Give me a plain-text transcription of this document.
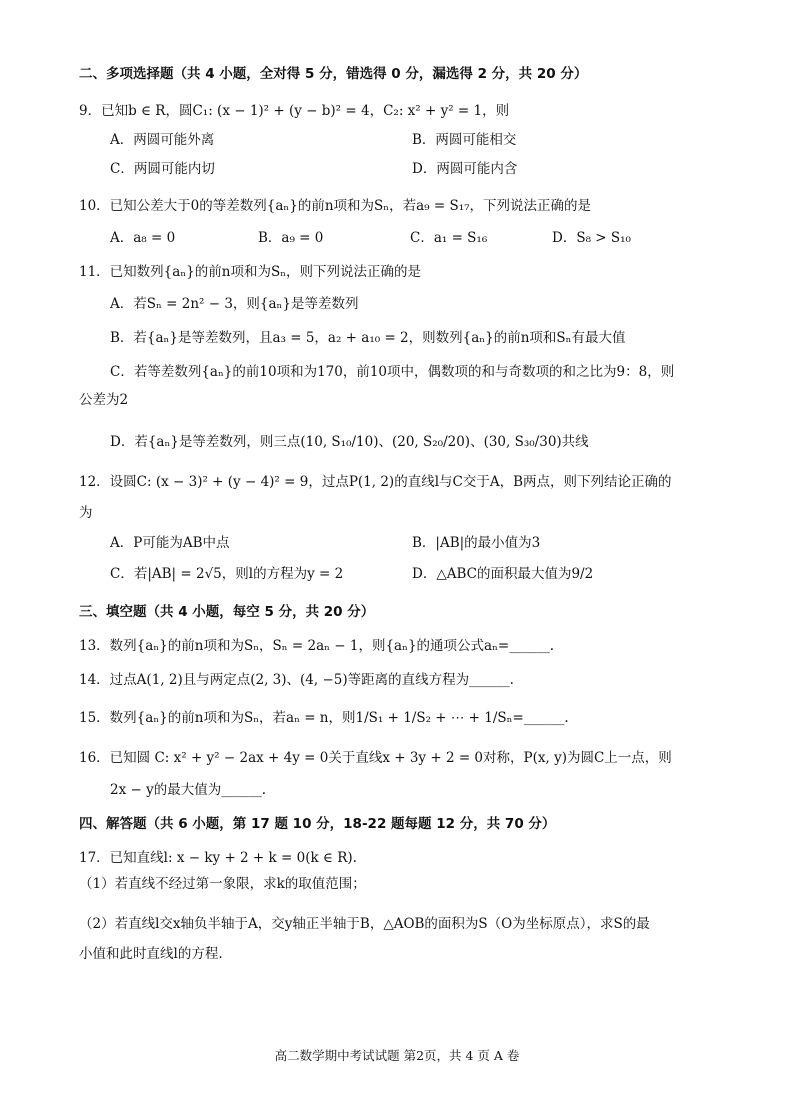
二、多项选择题（共 4 小题，全对得 5 分，错选得 0 分，漏选得 2 分，共 20 分）
9．已知b ∈ R，圆C₁: (x − 1)² + (y − b)² = 4，C₂: x² + y² = 1，则
A．两圆可能外离	B．两圆可能相交
C．两圆可能内切	D．两圆可能内含
10．已知公差大于0的等差数列{aₙ}的前n项和为Sₙ，若a₉ = S₁₇，下列说法正确的是
A．a₈ = 0	B．a₉ = 0	C．a₁ = S₁₆	D．S₈ > S₁₀
11．已知数列{aₙ}的前n项和为Sₙ，则下列说法正确的是
A．若Sₙ = 2n² − 3，则{aₙ}是等差数列
B．若{aₙ}是等差数列，且a₃ = 5，a₂ + a₁₀ = 2，则数列{aₙ}的前n项和Sₙ有最大值
C．若等差数列{aₙ}的前10项和为170，前10项中，偶数项的和与奇数项的和之比为9：8，则
公差为2
D．若{aₙ}是等差数列，则三点(10, S₁₀/10)、(20, S₂₀/20)、(30, S₃₀/30)共线
12．设圆C: (x − 3)² + (y − 4)² = 9，过点P(1, 2)的直线l与C交于A，B两点，则下列结论正确的
为
A．P可能为AB中点	B．|AB|的最小值为3
C．若|AB| = 2√5，则l的方程为y = 2	D．△ABC的面积最大值为9/2
三、填空题（共 4 小题，每空 5 分，共 20 分）
13．数列{aₙ}的前n项和为Sₙ，Sₙ = 2aₙ − 1，则{aₙ}的通项公式aₙ=______.
14．过点A(1, 2)且与两定点(2, 3)、(4, −5)等距离的直线方程为______.
15．数列{aₙ}的前n项和为Sₙ，若aₙ = n，则1/S₁ + 1/S₂ + ⋯ + 1/Sₙ=______.
16．已知圆 C: x² + y² − 2ax + 4y = 0关于直线x + 3y + 2 = 0对称，P(x, y)为圆C上一点，则
2x − y的最大值为______.
四、解答题（共 6 小题，第 17 题 10 分，18-22 题每题 12 分，共 70 分）
17．已知直线l: x − ky + 2 + k = 0(k ∈ R).
（1）若直线不经过第一象限，求k的取值范围；
（2）若直线l交x轴负半轴于A，交y轴正半轴于B，△AOB的面积为S（O为坐标原点），求S的最
小值和此时直线l的方程.
高二数学期中考试试题 第2页，共 4 页 A 卷
